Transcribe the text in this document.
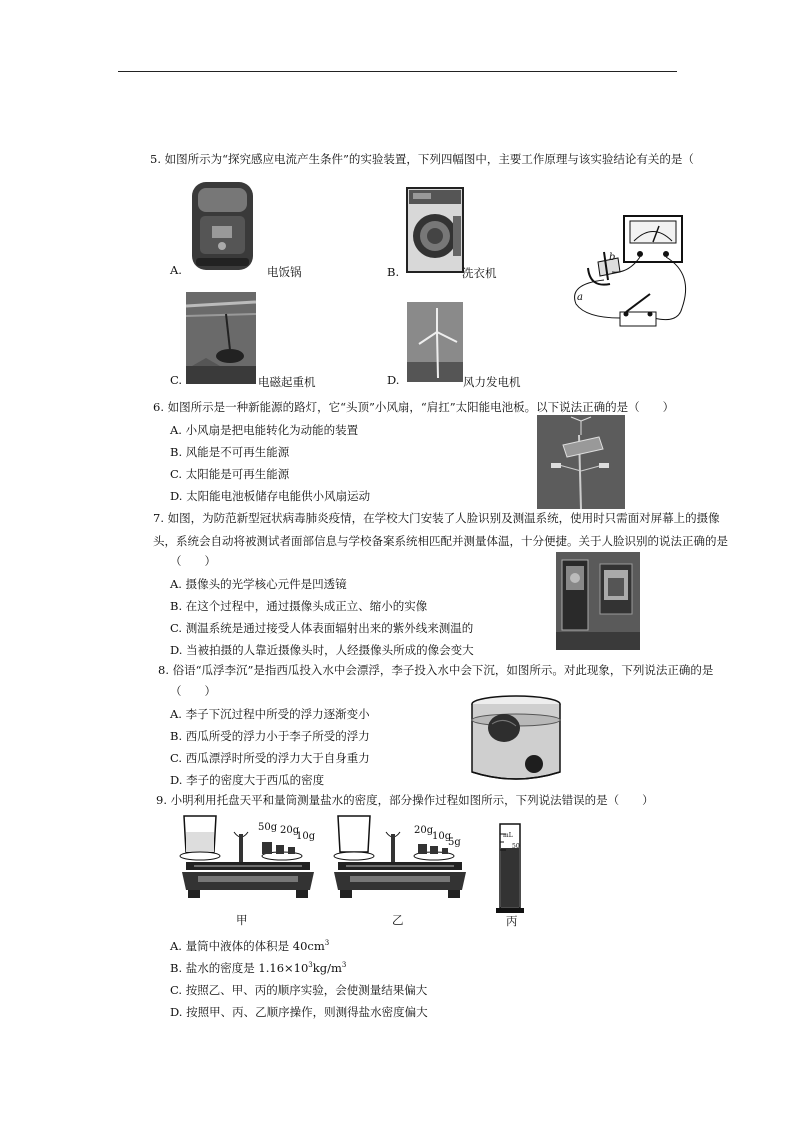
5. 如图所示为“探究感应电流产生条件”的实验装置，下列四幅图中，主要工作原理与该实验结论有关的是（
A.	电饭锅	B.	洗衣机
a
b
C.	电磁起重机	D.	风力发电机
6. 如图所示是一种新能源的路灯，它“头顶”小风扇，“肩扛”太阳能电池板。以下说法正确的是（　　）
A. 小风扇是把电能转化为动能的装置
B. 风能是不可再生能源
C. 太阳能是可再生能源
D. 太阳能电池板储存电能供小风扇运动
7. 如图，为防范新型冠状病毒肺炎疫情，在学校大门安装了人脸识别及测温系统，使用时只需面对屏幕上的摄像
头，系统会自动将被测试者面部信息与学校备案系统相匹配并测量体温，十分便捷。关于人脸识别的说法正确的是
（　　）
A. 摄像头的光学核心元件是凹透镜
B. 在这个过程中，通过摄像头成正立、缩小的实像
C. 测温系统是通过接受人体表面辐射出来的紫外线来测温的
D. 当被拍摄的人靠近摄像头时，人经摄像头所成的像会变大
8. 俗语“瓜浮李沉”是指西瓜投入水中会漂浮，李子投入水中会下沉，如图所示。对此现象，下列说法正确的是
（　　）
A. 李子下沉过程中所受的浮力逐渐变小
B. 西瓜所受的浮力小于李子所受的浮力
C. 西瓜漂浮时所受的浮力大于自身重力
D. 李子的密度大于西瓜的密度
9. 小明利用托盘天平和量筒测量盐水的密度，部分操作过程如图所示，下列说法错误的是（　　）
50g 20g
10g
甲
20g
10g
5g
乙
mL
50
丙
A. 量筒中液体的体积是 $40cm^3$
B. 盐水的密度是 $1.16\times 10^3kg/m^3$
C. 按照乙、甲、丙的顺序实验，会使测量结果偏大
D. 按照甲、丙、乙顺序操作，则测得盐水密度偏大
